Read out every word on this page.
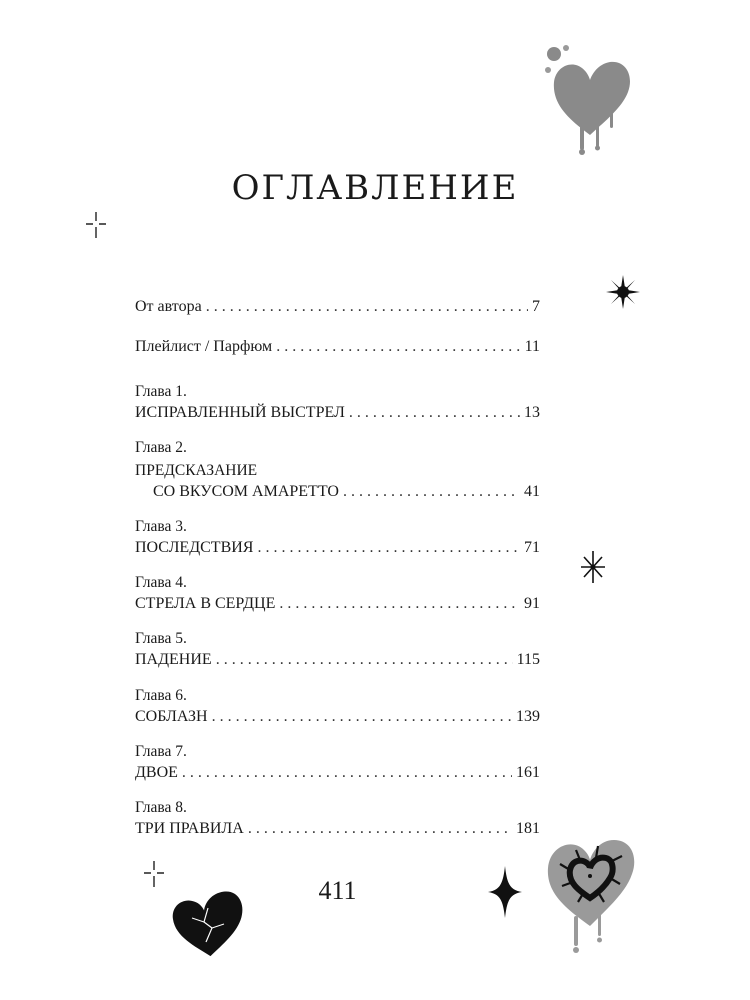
ОГЛАВЛЕНИЕ
От автора . . .	7
Плейлист / Парфюм . . .	11
Глава 1.
ИСПРАВЛЕННЫЙ ВЫСТРЕЛ . . .	13
Глава 2.
ПРЕДСКАЗАНИЕ
СО ВКУСОМ АМАРЕТТО . . .	41
Глава 3.
ПОСЛЕДСТВИЯ . . .	71
Глава 4.
СТРЕЛА В СЕРДЦЕ . . .	91
Глава 5.
ПАДЕНИЕ . . .	115
Глава 6.
СОБЛАЗН . . .	139
Глава 7.
ДВОЕ . . .	161
Глава 8.
ТРИ ПРАВИЛА . . .	181
411
